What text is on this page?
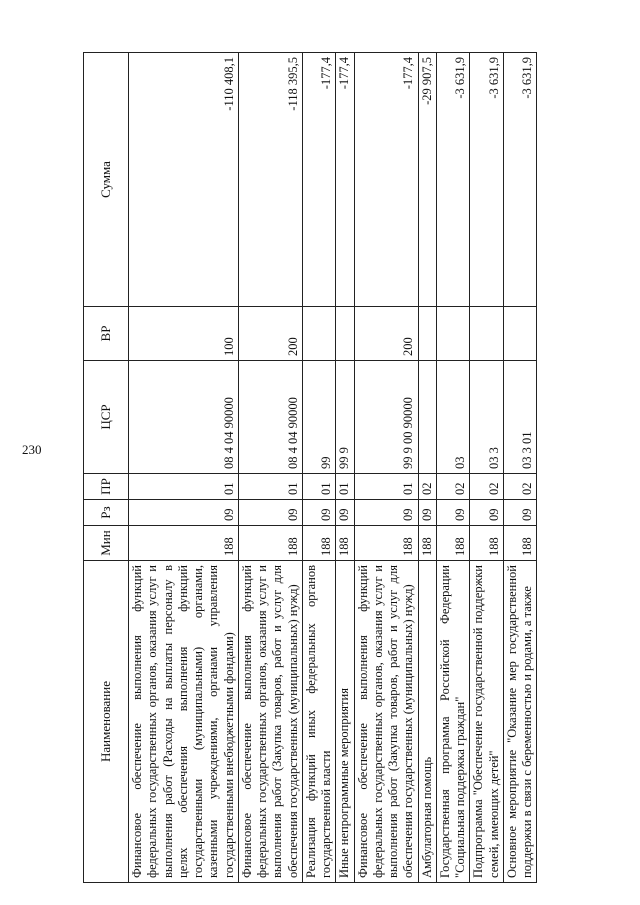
230
Наименование	Мин	Рз	ПР	ЦСР	ВР	Сумма
Финансовое обеспечение выполнения функций федеральных государственных органов, оказания услуг и выполнения работ (Расходы на выплаты персоналу в целях обеспечения выполнения функций государственными (муниципальными) органами, казенными учреждениями, органами управления государственными внебюджетными фондами)	188	09	01	08 4 04 90000	100	-110 408,1
Финансовое обеспечение выполнения функций федеральных государственных органов, оказания услуг и выполнения работ (Закупка товаров, работ и услуг для обеспечения государственных (муниципальных) нужд)	188	09	01	08 4 04 90000	200	-118 395,5
Реализация функций иных федеральных органов государственной власти	188	09	01	99		-177,4
Иные непрограммные мероприятия	188	09	01	99 9		-177,4
Финансовое обеспечение выполнения функций федеральных государственных органов, оказания услуг и выполнения работ (Закупка товаров, работ и услуг для обеспечения государственных (муниципальных) нужд)	188	09	01	99 9 00 90000	200	-177,4
Амбулаторная помощь	188	09	02			-29 907,5
Государственная программа Российской Федерации "Социальная поддержка граждан"	188	09	02	03		-3 631,9
Подпрограмма "Обеспечение государственной поддержки семей, имеющих детей"	188	09	02	03 3		-3 631,9
Основное мероприятие "Оказание мер государственной поддержки в связи с беременностью и родами, а также	188	09	02	03 3 01		-3 631,9
